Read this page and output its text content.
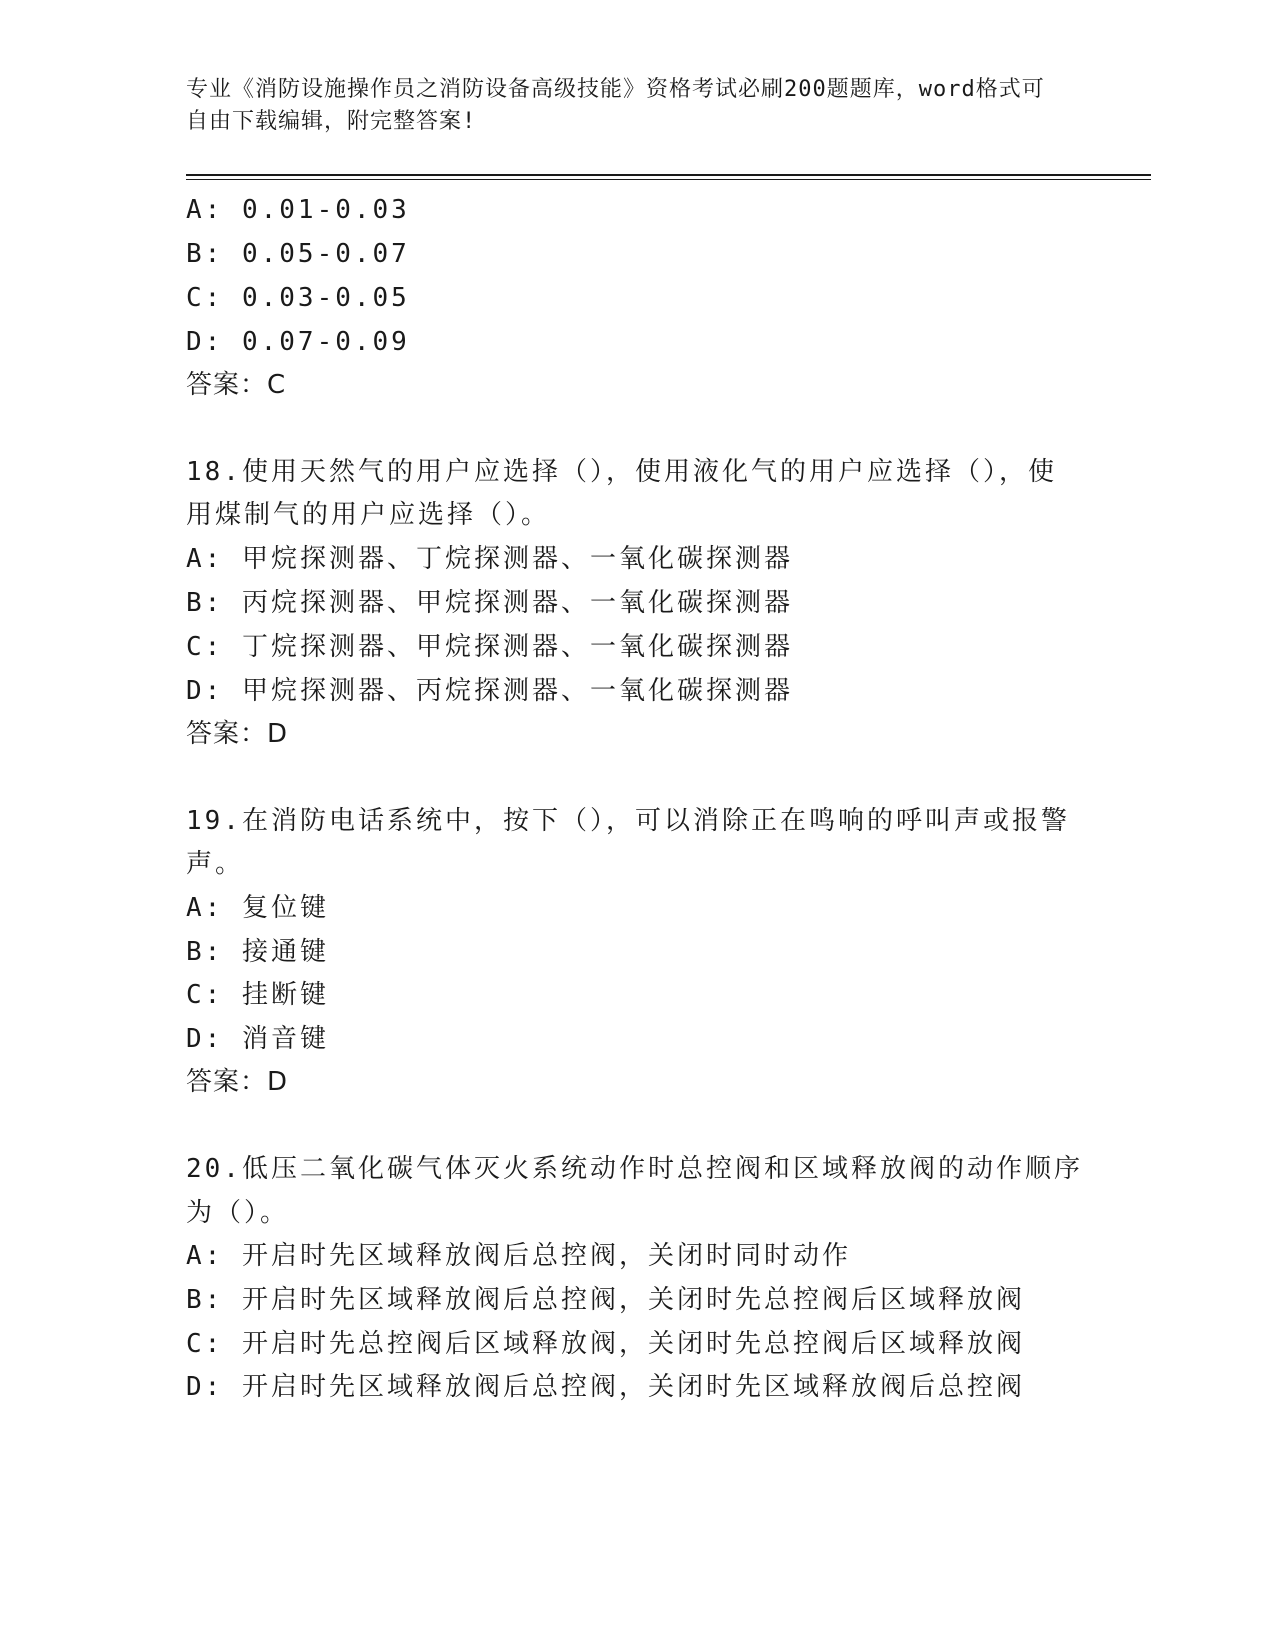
专业《消防设施操作员之消防设备高级技能》资格考试必刷200题题库，word格式可自由下载编辑，附完整答案!
A: 0.01-0.03
B: 0.05-0.07
C: 0.03-0.05
D: 0.07-0.09
答案：C
18.使用天然气的用户应选择（），使用液化气的用户应选择（），使
用煤制气的用户应选择（）。
A: 甲烷探测器、丁烷探测器、一氧化碳探测器
B: 丙烷探测器、甲烷探测器、一氧化碳探测器
C: 丁烷探测器、甲烷探测器、一氧化碳探测器
D: 甲烷探测器、丙烷探测器、一氧化碳探测器
答案：D
19.在消防电话系统中，按下（），可以消除正在鸣响的呼叫声或报警
声。
A: 复位键
B: 接通键
C: 挂断键
D: 消音键
答案：D
20.低压二氧化碳气体灭火系统动作时总控阀和区域释放阀的动作顺序
为（）。
A: 开启时先区域释放阀后总控阀，关闭时同时动作
B: 开启时先区域释放阀后总控阀，关闭时先总控阀后区域释放阀
C: 开启时先总控阀后区域释放阀，关闭时先总控阀后区域释放阀
D: 开启时先区域释放阀后总控阀，关闭时先区域释放阀后总控阀
